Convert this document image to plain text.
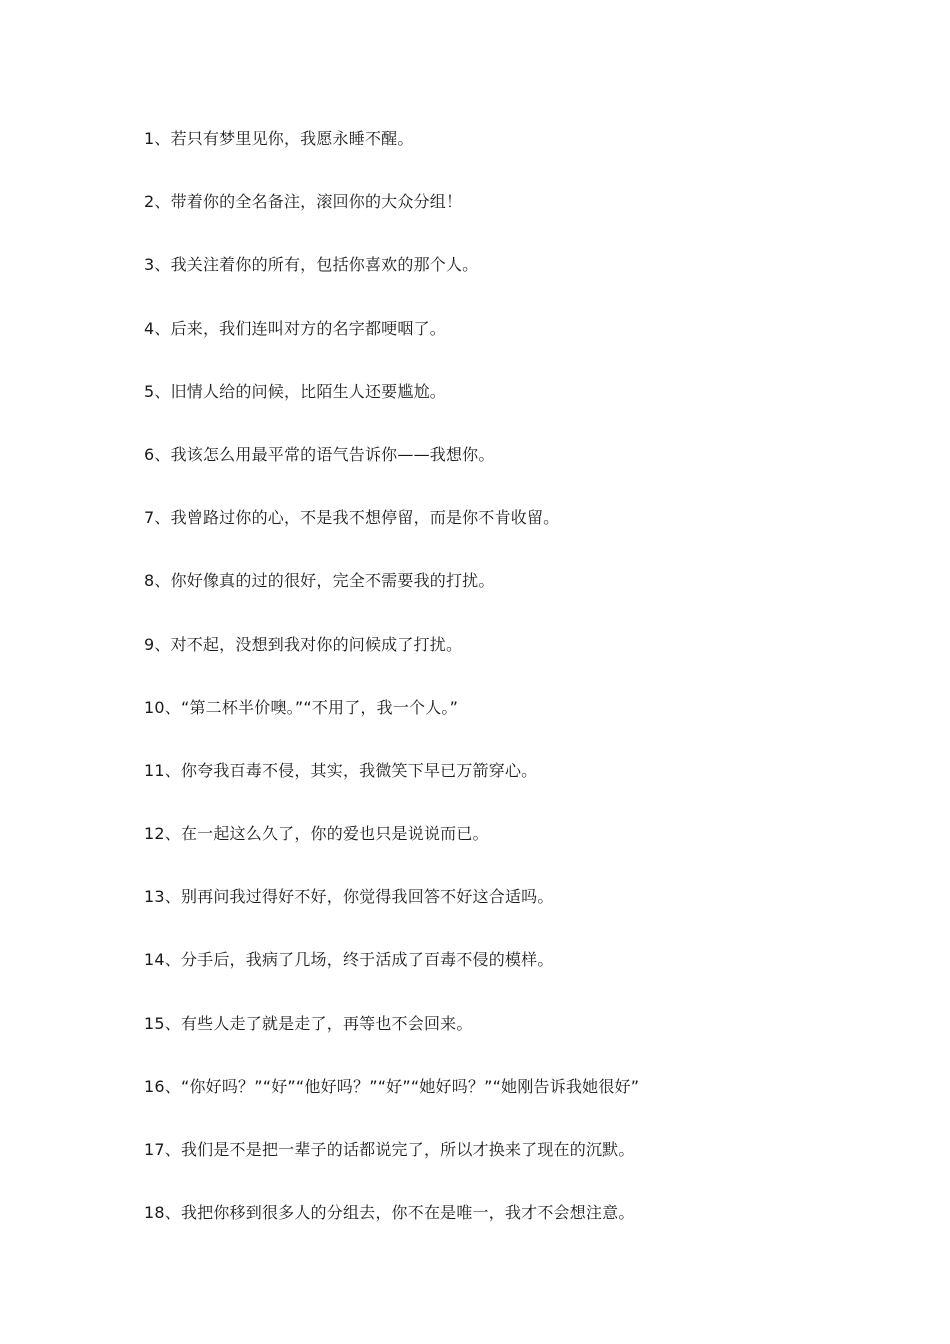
1、若只有梦里见你，我愿永睡不醒。
2、带着你的全名备注，滚回你的大众分组！
3、我关注着你的所有，包括你喜欢的那个人。
4、后来，我们连叫对方的名字都哽咽了。
5、旧情人给的问候，比陌生人还要尴尬。
6、我该怎么用最平常的语气告诉你——我想你。
7、我曾路过你的心，不是我不想停留，而是你不肯收留。
8、你好像真的过的很好，完全不需要我的打扰。
9、对不起，没想到我对你的问候成了打扰。
10、“第二杯半价噢。”“不用了，我一个人。”
11、你夸我百毒不侵，其实，我微笑下早已万箭穿心。
12、在一起这么久了，你的爱也只是说说而已。
13、别再问我过得好不好，你觉得我回答不好这合适吗。
14、分手后，我病了几场，终于活成了百毒不侵的模样。
15、有些人走了就是走了，再等也不会回来。
16、“你好吗？”“好”“他好吗？”“好”“她好吗？”“她刚告诉我她很好”
17、我们是不是把一辈子的话都说完了，所以才换来了现在的沉默。
18、我把你移到很多人的分组去，你不在是唯一，我才不会想注意。
